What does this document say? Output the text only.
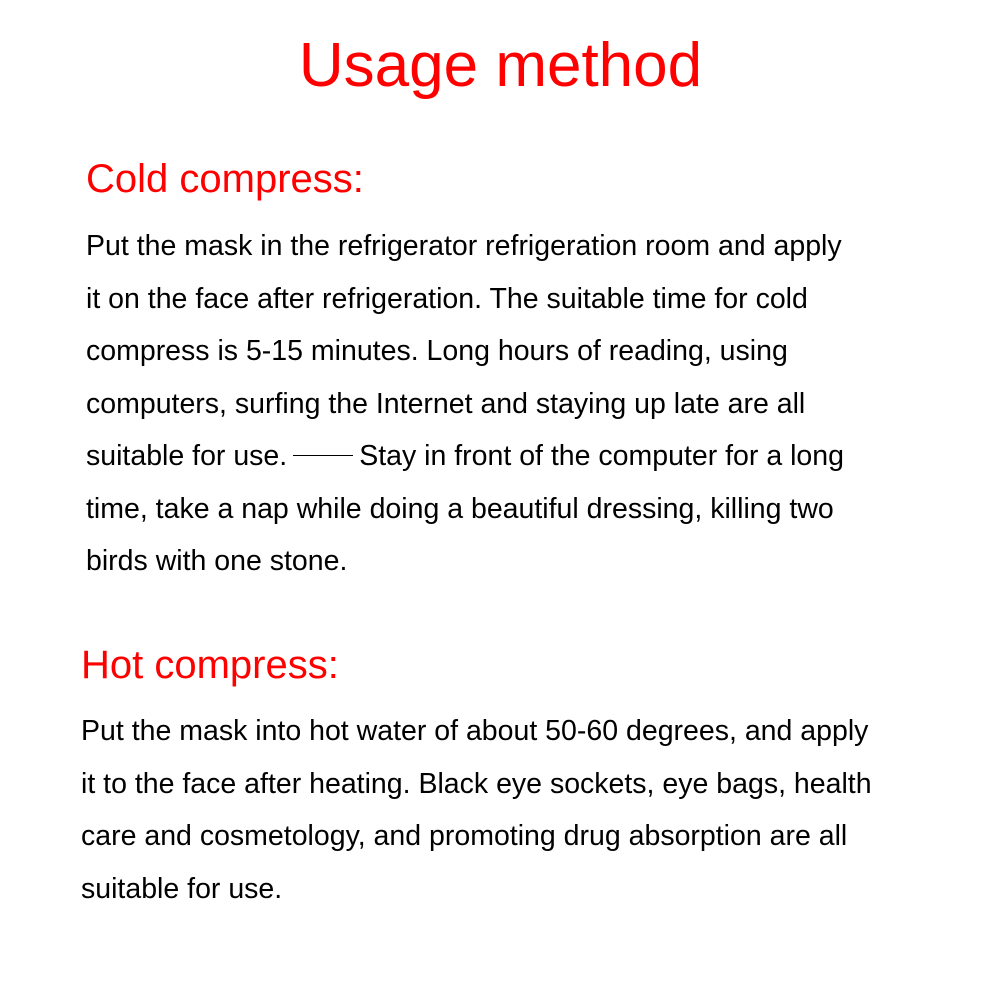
Usage method
Cold compress:
Put the mask in the refrigerator refrigeration room and apply
it on the face after refrigeration. The suitable time for cold
compress is 5-15 minutes. Long hours of reading, using
computers, surfing the Internet and staying up late are all
suitable for use.	Stay in front of the computer for a long
time, take a nap while doing a beautiful dressing, killing two
birds with one stone.
Hot compress:
Put the mask into hot water of about 50-60 degrees, and apply
it to the face after heating. Black eye sockets, eye bags, health
care and cosmetology, and promoting drug absorption are all
suitable for use.
